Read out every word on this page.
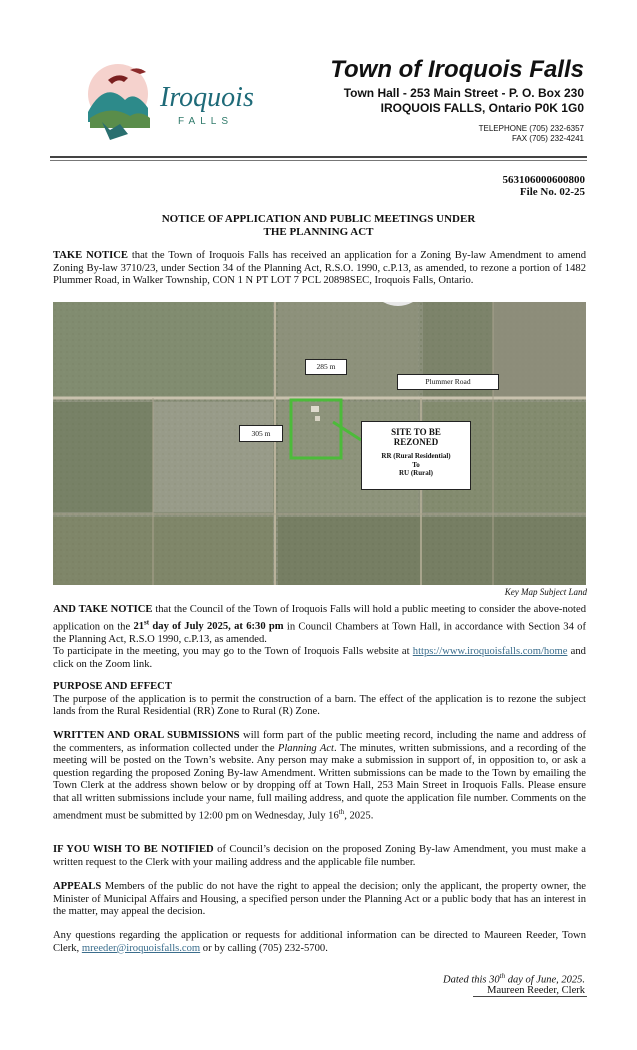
Iroquois
FALLS
Town of Iroquois Falls
Town Hall - 253 Main Street - P. O. Box 230
IROQUOIS FALLS, Ontario P0K 1G0
TELEPHONE (705) 232-6357
FAX (705) 232-4241
563106000600800
File No. 02-25
NOTICE OF APPLICATION AND PUBLIC MEETINGS UNDER
THE PLANNING ACT
TAKE NOTICE that the Town of Iroquois Falls has received an application for a Zoning By-law Amendment to amend Zoning By-law 3710/23, under Section 34 of the Planning Act, R.S.O. 1990, c.P.13, as amended, to rezone a portion of 1482 Plummer Road, in Walker Township, CON 1 N PT LOT 7 PCL 20898SEC, Iroquois Falls, Ontario.
285 m
Plummer Road
305 m	SITE TO BE
REZONED
RR (Rural Residential)
To
RU (Rural)
Key Map Subject Land
AND TAKE NOTICE that the Council of the Town of Iroquois Falls will hold a public meeting to consider the above-noted application on the 21st day of July 2025, at 6:30 pm in Council Chambers at Town Hall, in accordance with Section 34 of the Planning Act, R.S.O 1990, c.P.13, as amended.
To participate in the meeting, you may go to the Town of Iroquois Falls website at https://www.iroquoisfalls.com/home and click on the Zoom link.
PURPOSE AND EFFECT
The purpose of the application is to permit the construction of a barn. The effect of the application is to rezone the subject lands from the Rural Residential (RR) Zone to Rural (R) Zone.
WRITTEN AND ORAL SUBMISSIONS will form part of the public meeting record, including the name and address of the commenters, as information collected under the Planning Act. The minutes, written submissions, and a recording of the meeting will be posted on the Town’s website. Any person may make a submission in support of, in opposition to, or ask a question regarding the proposed Zoning By-law Amendment. Written submissions can be made to the Town by emailing the Town Clerk at the address shown below or by dropping off at Town Hall, 253 Main Street in Iroquois Falls. Please ensure that all written submissions include your name, full mailing address, and quote the application file number. Comments on the amendment must be submitted by 12:00 pm on Wednesday, July 16th, 2025.
IF YOU WISH TO BE NOTIFIED of Council’s decision on the proposed Zoning By-law Amendment, you must make a written request to the Clerk with your mailing address and the applicable file number.
APPEALS Members of the public do not have the right to appeal the decision; only the applicant, the property owner, the Minister of Municipal Affairs and Housing, a specified person under the Planning Act or a public body that has an interest in the matter, may appeal the decision.
Any questions regarding the application or requests for additional information can be directed to Maureen Reeder, Town Clerk, mreeder@iroquoisfalls.com or by calling (705) 232-5700.
Dated this 30th day of June, 2025.
Maureen Reeder, Clerk
